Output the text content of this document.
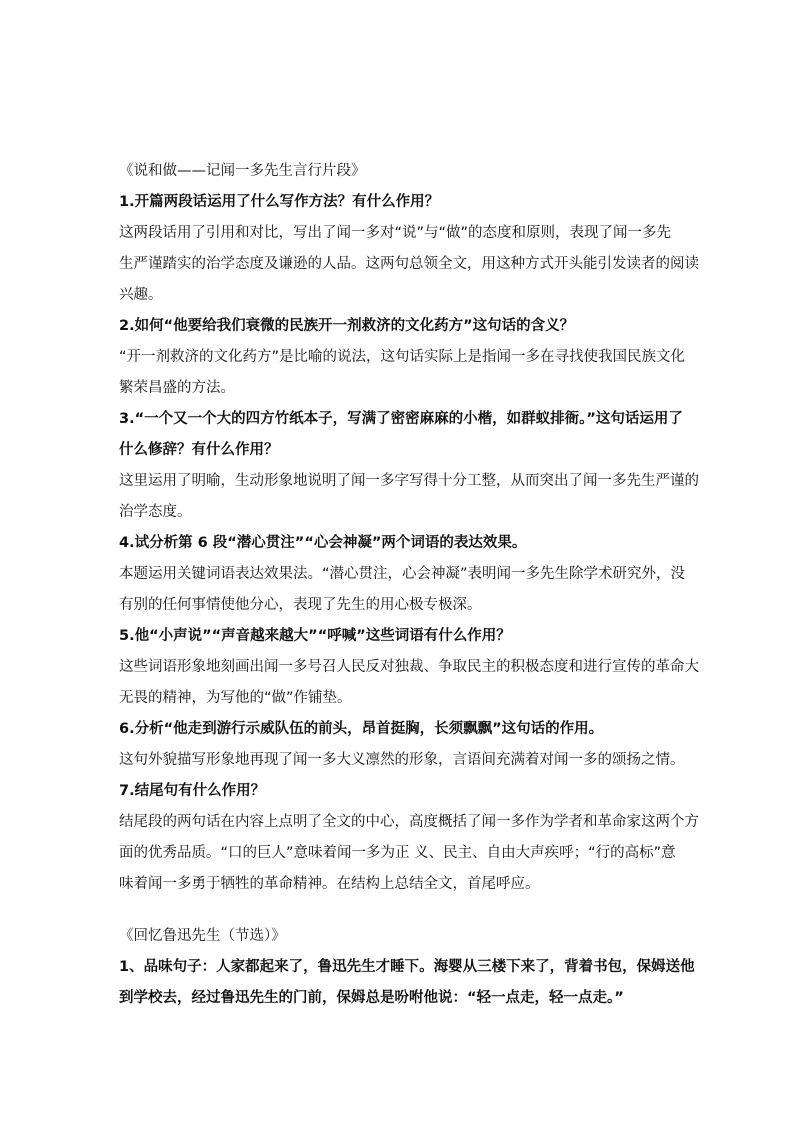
《说和做——记闻一多先生言行片段》
1.开篇两段话运用了什么写作方法？有什么作用？
这两段话用了引用和对比，写出了闻一多对“说”与“做”的态度和原则，表现了闻一多先
生严谨踏实的治学态度及谦逊的人品。这两句总领全文，用这种方式开头能引发读者的阅读
兴趣。
2.如何“他要给我们衰微的民族开一剂救济的文化药方”这句话的含义？
“开一剂救济的文化药方”是比喻的说法，这句话实际上是指闻一多在寻找使我国民族文化
繁荣昌盛的方法。
3.“一个又一个大的四方竹纸本子，写满了密密麻麻的小楷，如群蚁排衙。”这句话运用了
什么修辞？有什么作用？
这里运用了明喻，生动形象地说明了闻一多字写得十分工整，从而突出了闻一多先生严谨的
治学态度。
4.试分析第 6 段“潜心贯注”“心会神凝”两个词语的表达效果。
本题运用关键词语表达效果法。“潜心贯注，心会神凝”表明闻一多先生除学术研究外，没
有别的任何事情使他分心，表现了先生的用心极专极深。
5.他“小声说”“声音越来越大”“呼喊”这些词语有什么作用？
这些词语形象地刻画出闻一多号召人民反对独裁、争取民主的积极态度和进行宣传的革命大
无畏的精神，为写他的“做”作铺垫。
6.分析“他走到游行示威队伍的前头，昂首挺胸，长须飘飘”这句话的作用。
这句外貌描写形象地再现了闻一多大义凛然的形象，言语间充满着对闻一多的颂扬之情。
7.结尾句有什么作用？
结尾段的两句话在内容上点明了全文的中心，高度概括了闻一多作为学者和革命家这两个方
面的优秀品质。“口的巨人”意味着闻一多为正 义、民主、自由大声疾呼；“行的高标”意
味着闻一多勇于牺牲的革命精神。在结构上总结全文，首尾呼应。
《回忆鲁迅先生（节选）》
1、品味句子：人家都起来了，鲁迅先生才睡下。海婴从三楼下来了，背着书包，保姆送他
到学校去，经过鲁迅先生的门前，保姆总是吩咐他说：“轻一点走，轻一点走。”
